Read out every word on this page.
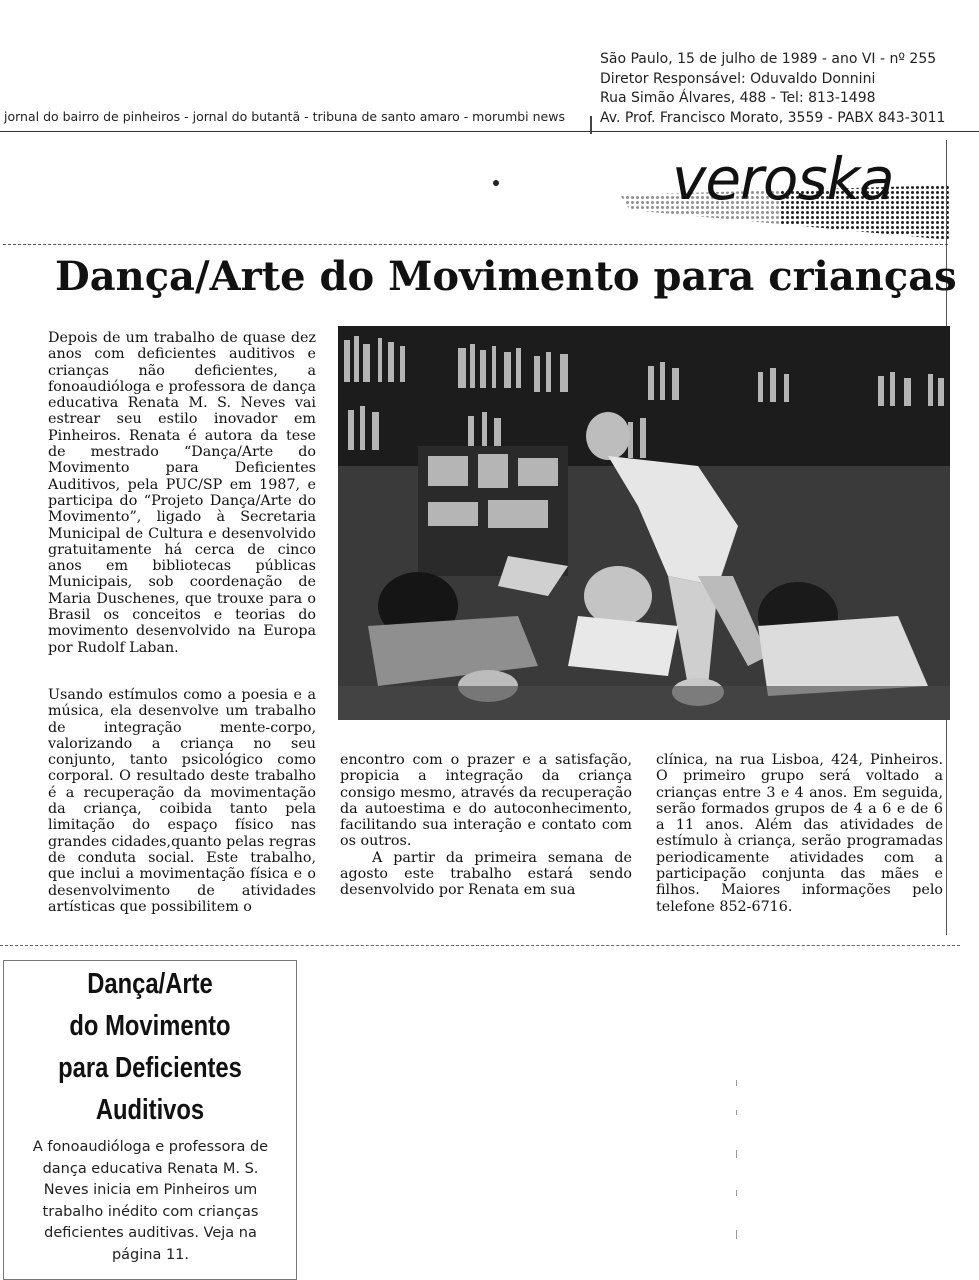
São Paulo, 15 de julho de 1989 - ano VI - nº 255
Diretor Responsável: Oduvaldo Donnini
Rua Simão Álvares, 488 - Tel: 813-1498
Av. Prof. Francisco Morato, 3559 - PABX 843-3011
jornal do bairro de pinheiros - jornal do butantã - tribuna de santo amaro - morumbi news
veroska
Dança/Arte do Movimento para crianças

Depois de um trabalho de quase dez anos com deficientes auditivos e crianças não deficientes, a fonoaudióloga e professora de dança educativa Renata M. S. Neves vai estrear seu estilo inovador em Pinheiros. Renata é autora da tese de mestrado “Dança/Arte do Movimento para Deficientes Auditivos, pela PUC/SP em 1987, e participa do “Projeto Dança/Arte do Movimento”, ligado à Secretaria Municipal de Cultura e desenvolvido gratuitamente há cerca de cinco anos em bibliotecas públicas Municipais, sob coordenação de Maria Duschenes, que trouxe para o Brasil os conceitos e teorias do movimento desenvolvido na Europa por Rudolf Laban.

Usando estímulos como a poesia e a música, ela desenvolve um trabalho de integração mente-corpo, valorizando a criança no seu conjunto, tanto psicológico como corporal. O resultado deste trabalho é a recuperação da movimentação da criança, coibida tanto pela limitação do espaço físico nas grandes cidades,quanto pelas regras de conduta social. Este trabalho, que inclui a movimentação física e o desenvolvimento de atividades artísticas que possibilitem o

encontro com o prazer e a satisfação, propicia a integração da criança consigo mesmo, através da recuperação da autoestima e do autoconhecimento, facilitando sua interação e contato com os outros.

A partir da primeira semana de agosto este trabalho estará sendo desenvolvido por Renata em sua

clínica, na rua Lisboa, 424, Pinheiros. O primeiro grupo será voltado a crianças entre 3 e 4 anos. Em seguida, serão formados grupos de 4 a 6 e de 6 a 11 anos. Além das atividades de estímulo à criança, serão programadas periodicamente atividades com a participação conjunta das mães e filhos. Maiores informações pelo telefone 852-6716.

Dança/Arte
do Movimento
para Deficientes
Auditivos
A fonoaudióloga e professora de dança educativa Renata M. S. Neves inicia em Pinheiros um trabalho inédito com crianças deficientes auditivas. Veja na página 11.
